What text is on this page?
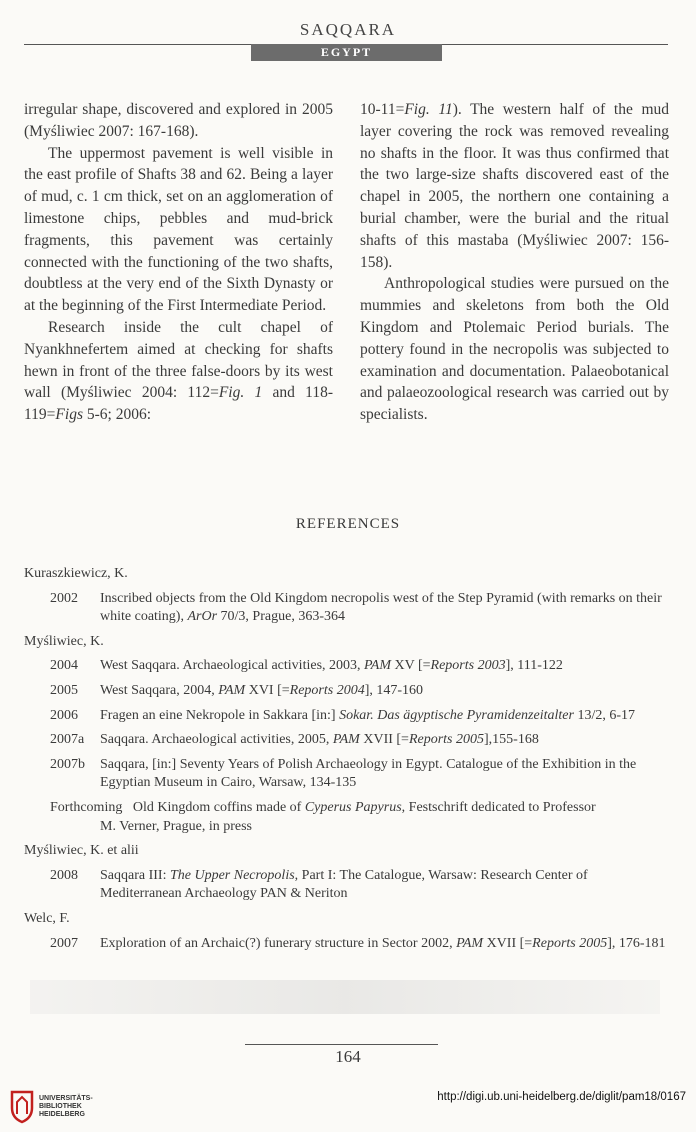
SAQQARA
EGYPT

irregular shape, discovered and explored in 2005 (Myśliwiec 2007: 167-168).

The uppermost pavement is well visible in the east profile of Shafts 38 and 62. Being a layer of mud, c. 1 cm thick, set on an agglomeration of limestone chips, pebbles and mud-brick fragments, this pavement was certainly connected with the functioning of the two shafts, doubtless at the very end of the Sixth Dynasty or at the beginning of the First Intermediate Period.

Research inside the cult chapel of Nyankhnefertem aimed at checking for shafts hewn in front of the three false-doors by its west wall (Myśliwiec 2004: 112=Fig. 1 and 118-119=Figs 5-6; 2006:

10-11=Fig. 11). The western half of the mud layer covering the rock was removed revealing no shafts in the floor. It was thus confirmed that the two large-size shafts discovered east of the chapel in 2005, the northern one containing a burial chamber, were the burial and the ritual shafts of this mastaba (Myśliwiec 2007: 156-158).

Anthropological studies were pursued on the mummies and skeletons from both the Old Kingdom and Ptolemaic Period burials. The pottery found in the necropolis was subjected to examination and documentation. Palaeobotanical and palaeozoological research was carried out by specialists.

REFERENCES
Kuraszkiewicz, K.
2002	Inscribed objects from the Old Kingdom necropolis west of the Step Pyramid (with remarks on their white coating), ArOr 70/3, Prague, 363-364
Myśliwiec, K.
2004	West Saqqara. Archaeological activities, 2003, PAM XV [=Reports 2003], 111-122
2005	West Saqqara, 2004, PAM XVI [=Reports 2004], 147-160
2006	Fragen an eine Nekropole in Sakkara [in:] Sokar. Das ägyptische Pyramidenzeitalter 13/2, 6-17
2007a	Saqqara. Archaeological activities, 2005, PAM XVII [=Reports 2005],155-168
2007b	Saqqara, [in:] Seventy Years of Polish Archaeology in Egypt. Catalogue of the Exhibition in the Egyptian Museum in Cairo, Warsaw, 134-135
Forthcoming Old Kingdom coffins made of Cyperus Papyrus, Festschrift dedicated to Professor
M. Verner, Prague, in press
Myśliwiec, K. et alii
2008	Saqqara III: The Upper Necropolis, Part I: The Catalogue, Warsaw: Research Center of Mediterranean Archaeology PAN & Neriton
Welc, F.
2007	Exploration of an Archaic(?) funerary structure in Sector 2002, PAM XVII [=Reports 2005], 176-181
164
UNIVERSITÄTS-
BIBLIOTHEK
HEIDELBERG
http://digi.ub.uni-heidelberg.de/diglit/pam18/0167
